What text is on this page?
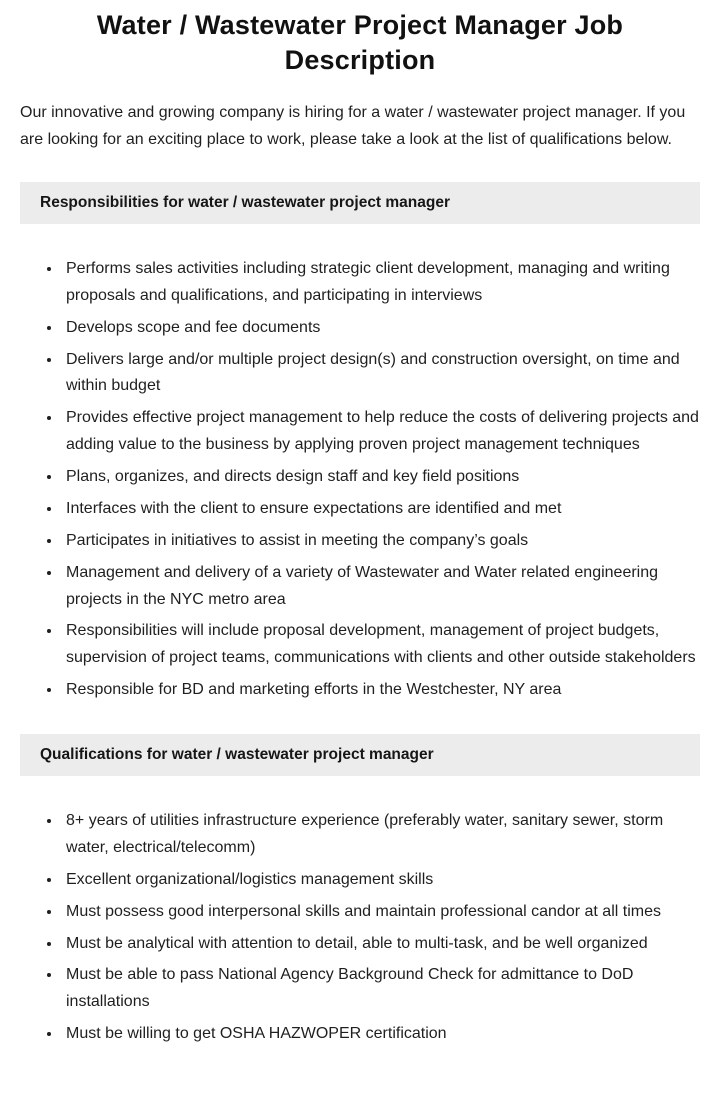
Water / Wastewater Project Manager Job Description

Our innovative and growing company is hiring for a water / wastewater project manager. If you are looking for an exciting place to work, please take a look at the list of qualifications below.

Responsibilities for water / wastewater project manager
• Performs sales activities including strategic client development, managing and writing proposals and qualifications, and participating in interviews
• Develops scope and fee documents
• Delivers large and/or multiple project design(s) and construction oversight, on time and within budget
• Provides effective project management to help reduce the costs of delivering projects and adding value to the business by applying proven project management techniques
• Plans, organizes, and directs design staff and key field positions
• Interfaces with the client to ensure expectations are identified and met
• Participates in initiatives to assist in meeting the company’s goals
• Management and delivery of a variety of Wastewater and Water related engineering projects in the NYC metro area
• Responsibilities will include proposal development, management of project budgets, supervision of project teams, communications with clients and other outside stakeholders
• Responsible for BD and marketing efforts in the Westchester, NY area
Qualifications for water / wastewater project manager
• 8+ years of utilities infrastructure experience (preferably water, sanitary sewer, storm water, electrical/telecomm)
• Excellent organizational/logistics management skills
• Must possess good interpersonal skills and maintain professional candor at all times
• Must be analytical with attention to detail, able to multi-task, and be well organized
• Must be able to pass National Agency Background Check for admittance to DoD installations
• Must be willing to get OSHA HAZWOPER certification
